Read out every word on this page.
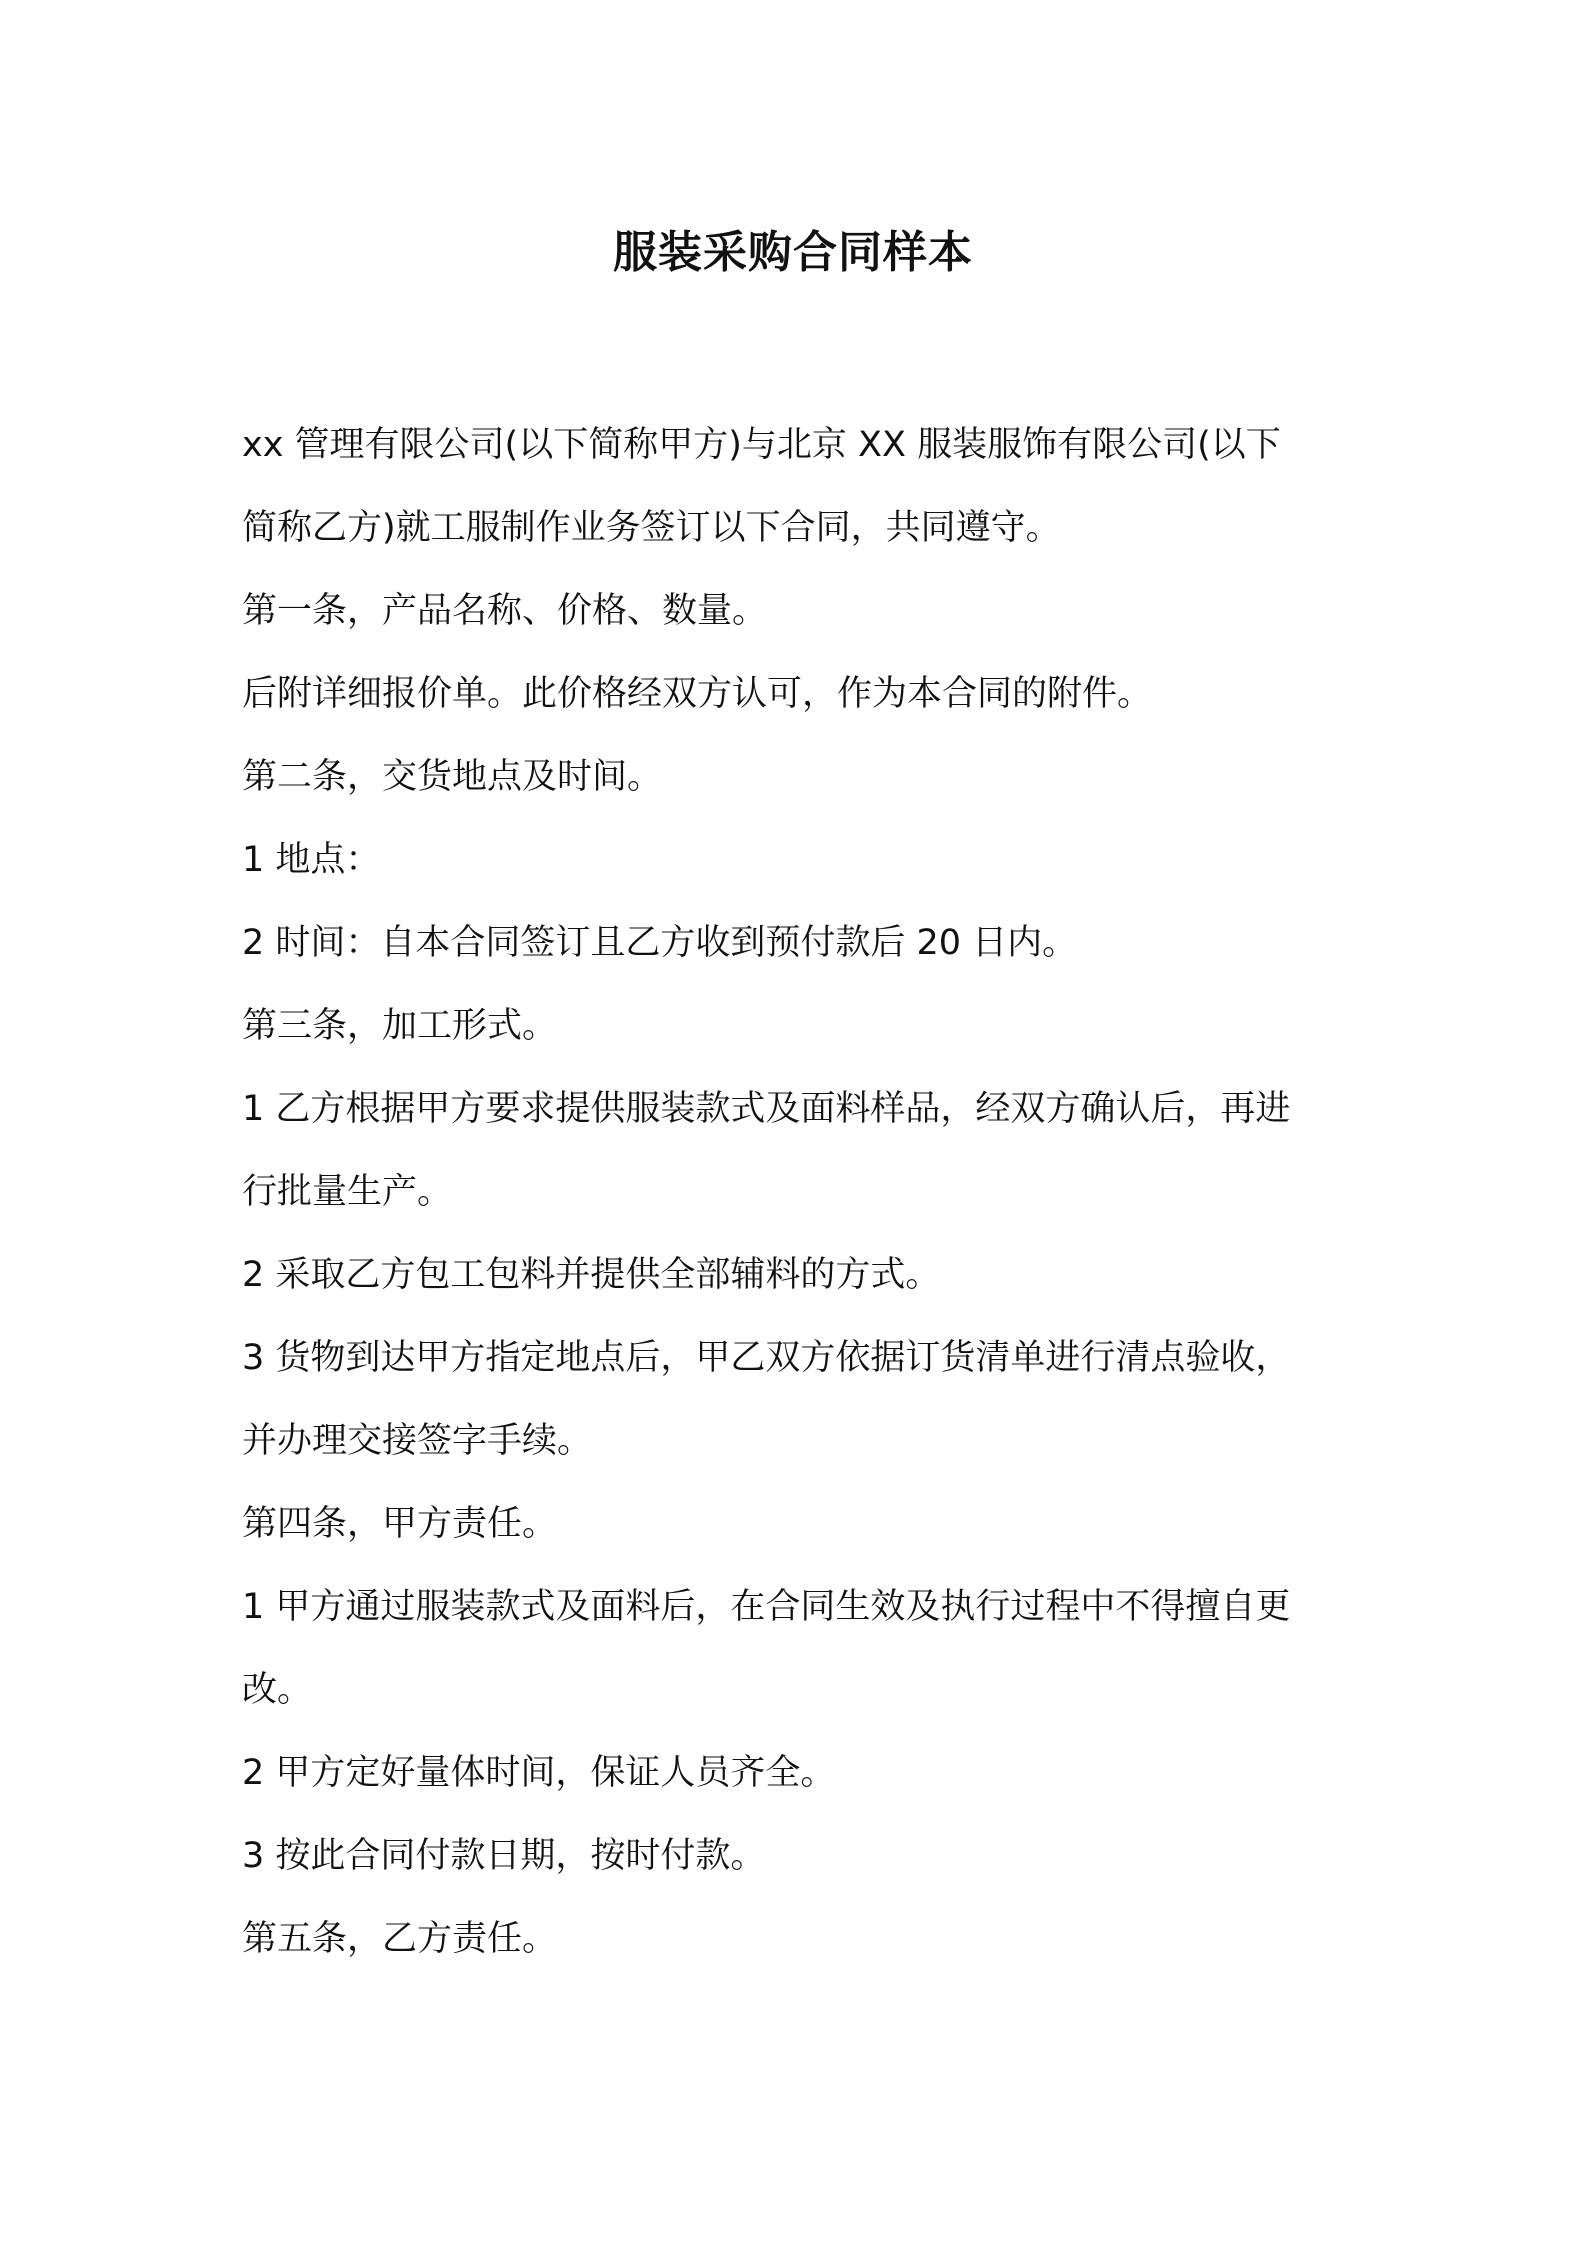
服装采购合同样本

xx 管理有限公司(以下简称甲方)与北京 XX 服装服饰有限公司(以下

简称乙方)就工服制作业务签订以下合同，共同遵守。

第一条，产品名称、价格、数量。

后附详细报价单。此价格经双方认可，作为本合同的附件。

第二条，交货地点及时间。

1 地点：

2 时间：自本合同签订且乙方收到预付款后 20 日内。

第三条，加工形式。

1 乙方根据甲方要求提供服装款式及面料样品，经双方确认后，再进

行批量生产。

2 采取乙方包工包料并提供全部辅料的方式。

3 货物到达甲方指定地点后，甲乙双方依据订货清单进行清点验收，

并办理交接签字手续。

第四条，甲方责任。

1 甲方通过服装款式及面料后，在合同生效及执行过程中不得擅自更

改。

2 甲方定好量体时间，保证人员齐全。

3 按此合同付款日期，按时付款。

第五条，乙方责任。
